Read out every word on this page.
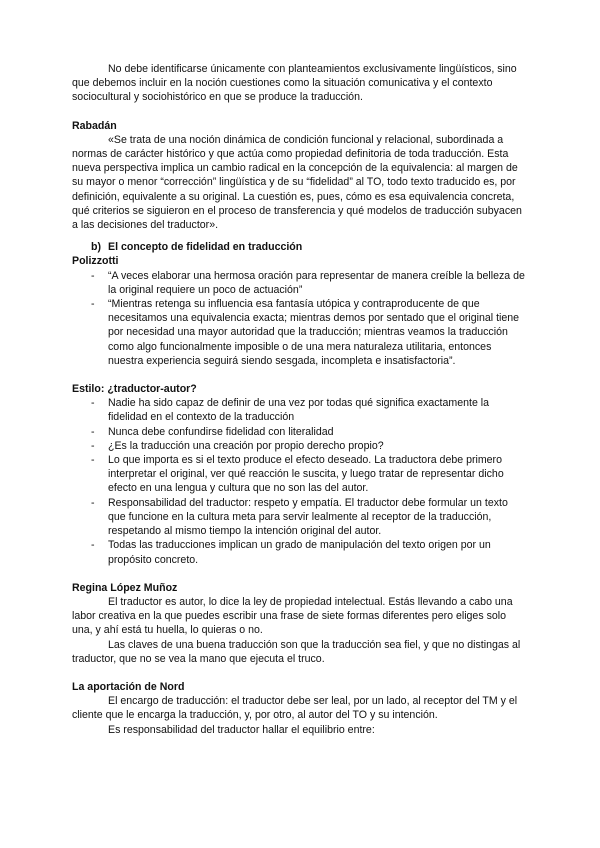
No debe identificarse únicamente con planteamientos exclusivamente lingüísticos, sino que debemos incluir en la noción cuestiones como la situación comunicativa y el contexto sociocultural y sociohistórico en que se produce la traducción.

Rabadán

«Se trata de una noción dinámica de condición funcional y relacional, subordinada a normas de carácter histórico y que actúa como propiedad definitoria de toda traducción. Esta nueva perspectiva implica un cambio radical en la concepción de la equivalencia: al margen de su mayor o menor “corrección” lingüística y de su “fidelidad” al TO, todo texto traducido es, por definición, equivalente a su original. La cuestión es, pues, cómo es esa equivalencia concreta, qué criterios se siguieron en el proceso de transferencia y qué modelos de traducción subyacen a las decisiones del traductor».

b) El concepto de fidelidad en traducción
Polizzotti
- “A veces elaborar una hermosa oración para representar de manera creíble la belleza de la original requiere un poco de actuación”
- “Mientras retenga su influencia esa fantasía utópica y contraproducente de que necesitamos una equivalencia exacta; mientras demos por sentado que el original tiene por necesidad una mayor autoridad que la traducción; mientras veamos la traducción como algo funcionalmente imposible o de una mera naturaleza utilitaria, entonces nuestra experiencia seguirá siendo sesgada, incompleta e insatisfactoria”.
Estilo: ¿traductor-autor?
- Nadie ha sido capaz de definir de una vez por todas qué significa exactamente la fidelidad en el contexto de la traducción
- Nunca debe confundirse fidelidad con literalidad
- ¿Es la traducción una creación por propio derecho propio?
- Lo que importa es si el texto produce el efecto deseado. La traductora debe primero interpretar el original, ver qué reacción le suscita, y luego tratar de representar dicho efecto en una lengua y cultura que no son las del autor.
- Responsabilidad del traductor: respeto y empatía. El traductor debe formular un texto que funcione en la cultura meta para servir lealmente al receptor de la traducción, respetando al mismo tiempo la intención original del autor.
- Todas las traducciones implican un grado de manipulación del texto origen por un propósito concreto.
Regina López Muñoz

El traductor es autor, lo dice la ley de propiedad intelectual. Estás llevando a cabo una labor creativa en la que puedes escribir una frase de siete formas diferentes pero eliges solo una, y ahí está tu huella, lo quieras o no.

Las claves de una buena traducción son que la traducción sea fiel, y que no distingas al traductor, que no se vea la mano que ejecuta el truco.

La aportación de Nord

El encargo de traducción: el traductor debe ser leal, por un lado, al receptor del TM y el cliente que le encarga la traducción, y, por otro, al autor del TO y su intención.

Es responsabilidad del traductor hallar el equilibrio entre:
